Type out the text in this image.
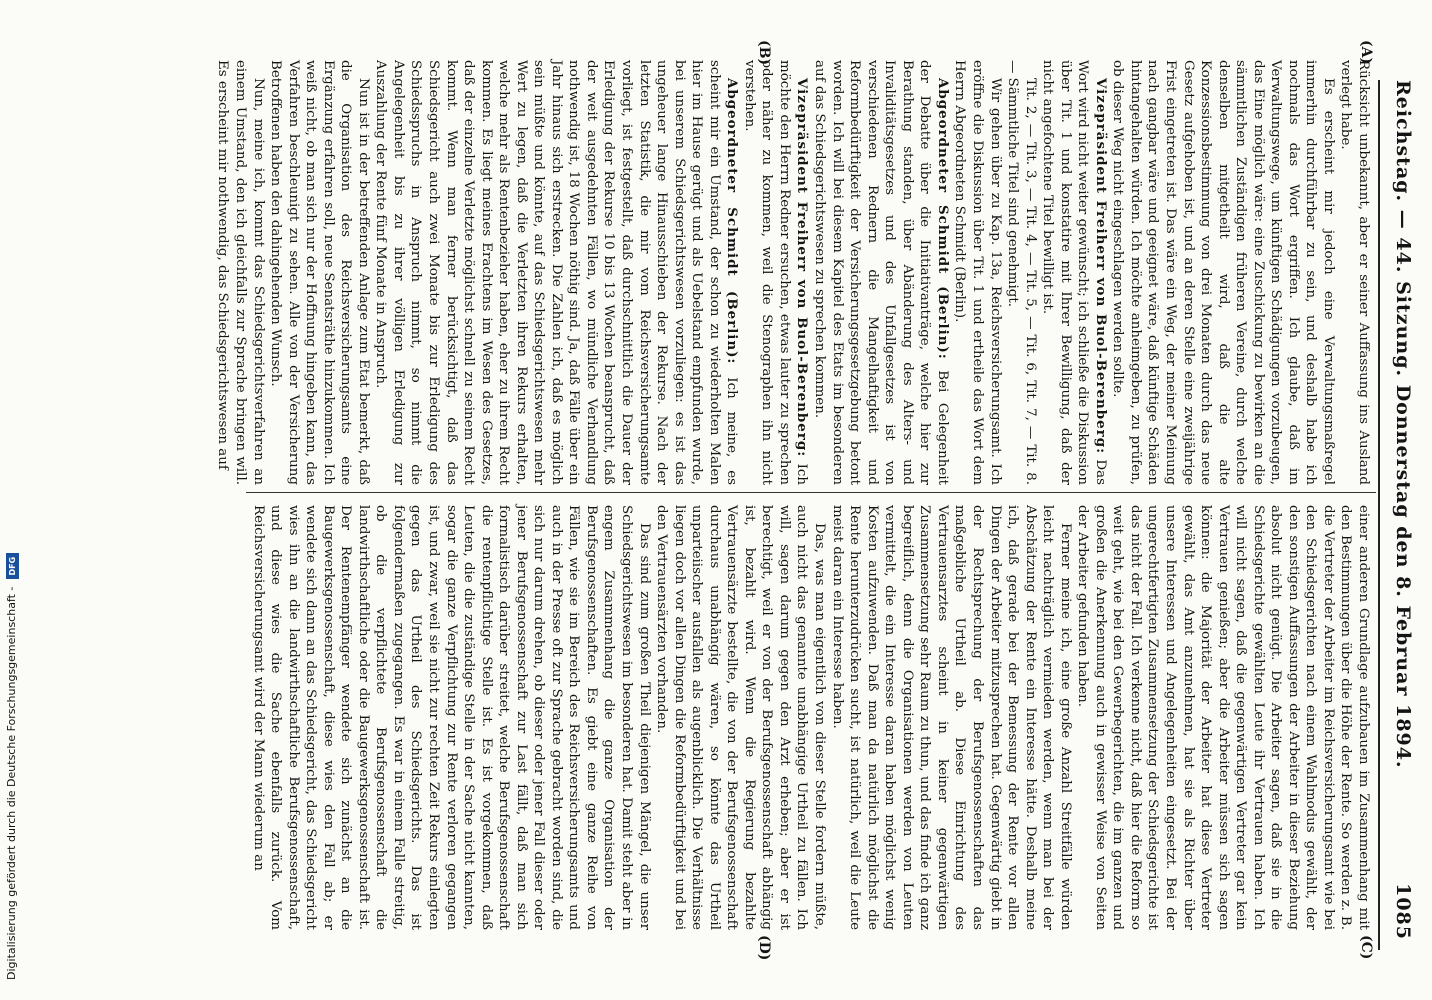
Reichstag. — 44. Sitzung. Donnerstag den 8. Februar 1894.
1085
(A)
(B)
(C)
(D)

Rücksicht unbekannt, aber er seiner Auffassung ins Ausland verlegt habe.

Es erscheint mir jedoch eine Verwaltungsmaßregel immerhin durchführbar zu sein, und deshalb habe ich nochmals das Wort ergriffen. Ich glaube, daß im Verwaltungswege, um künftigen Schädigungen vorzubeugen, das Eine möglich wäre: eine Zuschickung zu bewirken an die sämmtlichen Zuständigen früheren Vereine, durch welche denselben mitgetheilt wird, daß die alte Konzessionsbestimmung von drei Monaten durch das neue Gesetz aufgehoben ist, und an deren Stelle eine zweijährige Frist eingetreten ist. Das wäre ein Weg, der meiner Meinung nach gangbar wäre und geeignet wäre, daß künftige Schäden hintangehalten würden. Ich möchte anheimgeben, zu prüfen, ob dieser Weg nicht eingeschlagen werden sollte.

Vizepräsident Freiherr von Buol-Berenberg: Das Wort wird nicht weiter gewünscht; ich schließe die Diskussion über Tit. 1 und konstatire mit Ihrer Bewilligung, daß der nicht angefochtene Titel bewilligt ist.

Tit. 2, — Tit. 3, — Tit. 4, — Tit. 5, — Tit. 6, Tit. 7, — Tit. 8. — Sämmtliche Titel sind genehmigt.

Wir gehen über zu Kap. 13a, Reichsversicherungsamt. Ich eröffne die Diskussion über Tit. 1 und ertheile das Wort dem Herrn Abgeordneten Schmidt (Berlin).

Abgeordneter Schmidt (Berlin): Bei Gelegenheit der Debatte über die Initiativanträge, welche hier zur Berathung standen, über Abänderung des Alters- und Invaliditätsgesetzes und des Unfallgesetzes ist von verschiedenen Rednern die Mangelhaftigkeit und Reformbedürftigkeit der Versicherungsgesetzgebung betont worden. Ich will bei diesem Kapitel des Etats im besonderen auf das Schiedsgerichtswesen zu sprechen kommen.

Vizepräsident Freiherr von Buol-Berenberg: Ich möchte den Herrn Redner ersuchen, etwas lauter zu sprechen oder näher zu kommen, weil die Stenographen ihn nicht verstehen.

Abgeordneter Schmidt (Berlin): Ich meine, es scheint mir ein Umstand, der schon zu wiederholten Malen hier im Hause gerügt und als Uebelstand empfunden wurde, bei unserem Schiedsgerichtswesen vorzuliegen: es ist das ungeheuer lange Hinausschieben der Rekurse. Nach der letzten Statistik, die mir vom Reichsversicherungsamte vorliegt, ist festgestellt, daß durchschnittlich die Dauer der Erledigung der Rekurse 10 bis 13 Wochen beansprucht, daß der weit ausgedehnten Fällen, wo mündliche Verhandlung nothwendig ist, 18 Wochen nöthig sind. Ja, daß Fälle über ein Jahr hinaus sich erstrecken. Die Zahlen ich, daß es möglich sein müßte und könnte, auf das Schiedsgerichtswesen mehr Wert zu legen, daß die Verletzten ihren Rekurs erhalten, welche mehr als Rentenbezieher haben, eher zu ihrem Recht kommen. Es liegt meines Erachtens im Wesen des Gesetzes, daß der einzelne Verletzte möglichst schnell zu seinem Recht kommt. Wenn man ferner berücksichtigt, daß das Schiedsgericht auch zwei Monate bis zur Erledigung des Schiedsspruchs in Anspruch nimmt, so nimmt die Angelegenheit bis zu ihrer völligen Erledigung zur Auszahlung der Rente fünf Monate in Anspruch.

Nun ist in der betreffenden Anlage zum Etat bemerkt, daß die Organisation des Reichsversicherungsamts eine Ergänzung erfahren soll, neue Senatsräthe hinzukommen. Ich weiß nicht, ob man sich nur der Hoffnung hingeben kann, das Verfahren beschleunigt zu sehen. Alle von der Versicherung Betroffenen haben den dahingehenden Wunsch.

Nun, meine ich, kommt das Schiedsgerichtsverfahren an einem Umstand, den ich gleichfalls zur Sprache bringen will. Es erscheint mir nothwendig, das Schiedsgerichtswesen auf

einer anderen Grundlage aufzubauen im Zusammenhang mit den Bestimmungen über die Höhe der Rente. So werden z. B. die Vertreter der Arbeiter im Reichsversicherungsamt wie bei den Schiedsgerichten nach einem Wahlmodus gewählt, der den sonstigen Auffassungen der Arbeiter in dieser Beziehung absolut nicht genügt. Die Arbeiter sagen, daß sie in die Schiedsgerichte gewählten Leute ihr Vertrauen haben. Ich will nicht sagen, daß die gegenwärtigen Vertreter gar kein Vertrauen genießen; aber die Arbeiter müssen sich sagen können: die Majorität der Arbeiter hat diese Vertreter gewählt, das Amt anzunehmen, hat sie als Richter über unsere Interessen und Angelegenheiten eingesetzt. Bei der ungerechtfertigten Zusammensetzung der Schiedsgerichte ist das nicht der Fall. Ich verkenne nicht, daß hier die Reform so weit geht, wie bei den Gewerbegerichten, die im ganzen und großen die Anerkennung auch in gewisser Weise von Seiten der Arbeiter gefunden haben.

Ferner meine ich, eine große Anzahl Streitfälle würden leicht nachträglich vermieden werden, wenn man bei der Abschätzung der Rente ein Interesse hätte. Deshalb meine ich, daß gerade bei der Bemessung der Rente vor allen Dingen der Arbeiter mitzusprechen hat. Gegenwärtig giebt in der Rechtsprechung der Berufsgenossenschaften das maßgebliche Urtheil ab. Diese Einrichtung des Vertrauensarztes scheint in keiner gegenwärtigen Zusammensetzung sehr Raum zu thun, und das finde ich ganz begreiflich, denn die Organisationen werden von Leuten vermittelt, die ein Interesse daran haben möglichst wenig Kosten aufzuwenden. Daß man da natürlich möglichst die Rente herunterzudrücken sucht, ist natürlich, weil die Leute meist daran ein Interesse haben.

Das, was man eigentlich von dieser Stelle fordern müßte, auch nicht das genannte unabhängige Urtheil zu fällen. Ich will, sagen darum gegen den Arzt erheben; aber er ist berechtigt, weil er von der Berufsgenossenschaft abhängig ist, bezahlt wird. Wenn die Regierung bezahlte Vertrauensärzte bestellte, die von der Berufsgenossenschaft durchaus unabhängig wären, so könnte das Urtheil unparteiischer ausfallen als augenblicklich. Die Verhältnisse liegen doch vor allen Dingen die Reformbedürftigkeit und bei den Vertrauensärzten vorhanden.

Das sind zum großen Theil diejenigen Mängel, die unser Schiedsgerichtswesen im besonderen hat. Damit steht aber in engem Zusammenhang die ganze Organisation der Berufsgenossenschaften. Es giebt eine ganze Reihe von Fällen, wie sie im Bereich des Reichsversicherungsamts und auch in der Presse oft zur Sprache gebracht worden sind, die sich nur darum drehen, ob dieser oder jener Fall dieser oder jener Berufsgenossenschaft zur Last fällt, daß man sich formalistisch darüber streitet, welche Berufsgenossenschaft die rentenpflichtige Stelle ist. Es ist vorgekommen, daß Leuten, die die zuständige Stelle in der Sache nicht kannten, sogar die ganze Verpflichtung zur Rente verloren gegangen ist, und zwar, weil sie nicht zur rechten Zeit Rekurs einlegten gegen das Urtheil des Schiedsgerichts. Das ist folgendermaßen zugegangen. Es war in einem Falle streitig, ob die verpflichtete Berufsgenossenschaft die landwirthschaftliche oder die Baugewerksgenossenschaft ist. Der Rentenempfänger wendete sich zunächst an die Baugewerksgenossenschaft, diese wies den Fall ab; er wendete sich dann an das Schiedsgericht, das Schiedsgericht wies ihn an die landwirthschaftliche Berufsgenossenschaft, und diese wies die Sache ebenfalls zurück. Vom Reichsversicherungsamt wird der Mann wiederum an

Digitalisierung gefördert durch die Deutsche Forschungsgemeinschaft - DFG
